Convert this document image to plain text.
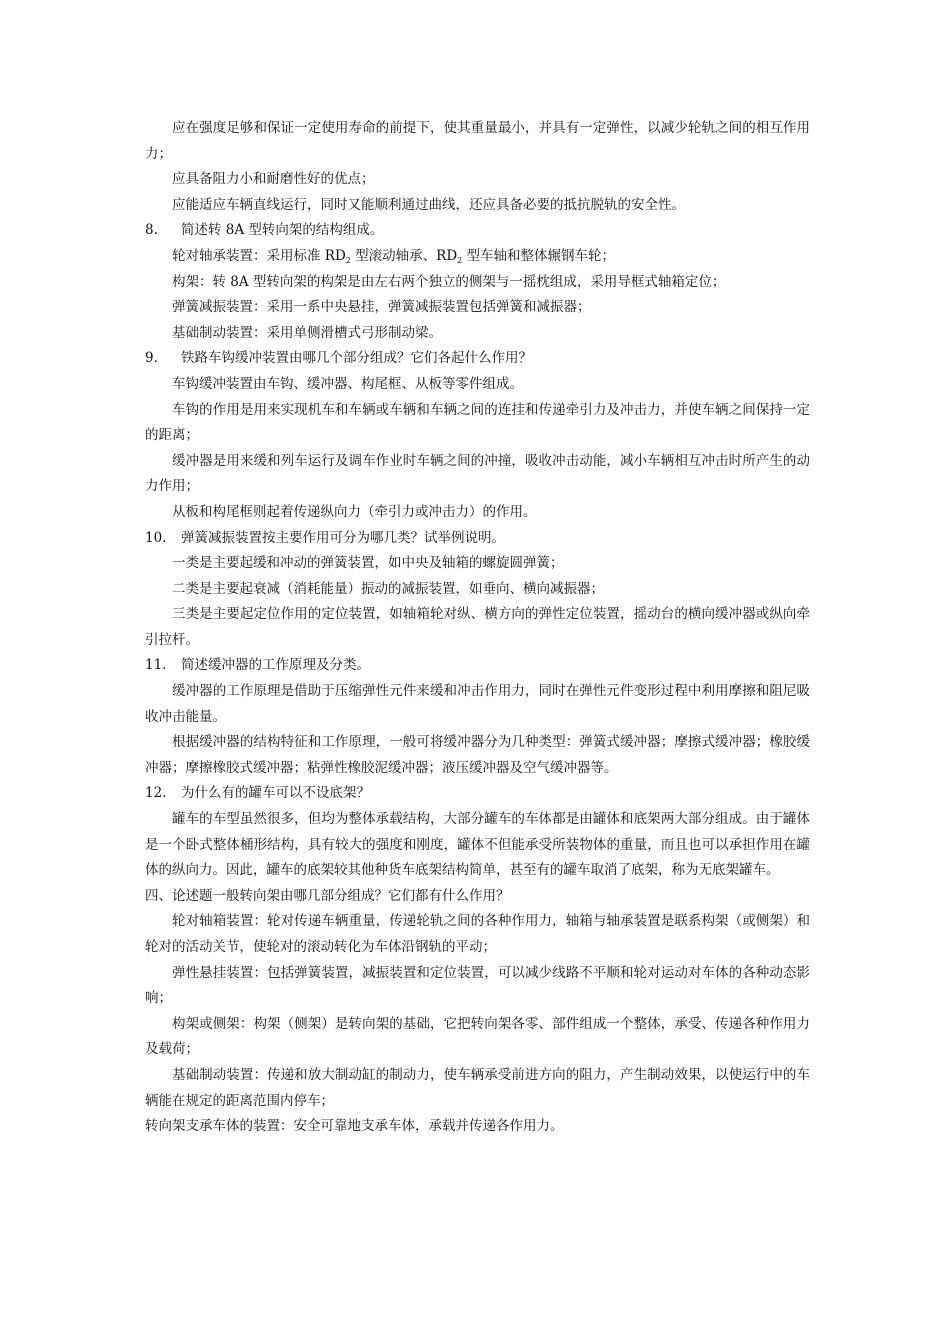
应在强度足够和保证一定使用寿命的前提下，使其重量最小，并具有一定弹性，以减少轮轨之间的相互作用力；

应具备阻力小和耐磨性好的优点；

应能适应车辆直线运行，同时又能顺利通过曲线，还应具备必要的抵抗脱轨的安全性。

8. 简述转 8A 型转向架的结构组成。

轮对轴承装置：采用标准 $RD_2$ 型滚动轴承、$RD_2$ 型车轴和整体辗钢车轮；

构架：转 8A 型转向架的构架是由左右两个独立的侧架与一摇枕组成，采用导框式轴箱定位；

弹簧减振装置：采用一系中央悬挂，弹簧减振装置包括弹簧和减振器；

基础制动装置：采用单侧滑槽式弓形制动梁。

9. 铁路车钩缓冲装置由哪几个部分组成？它们各起什么作用？

车钩缓冲装置由车钩、缓冲器、构尾框、从板等零件组成。

车钩的作用是用来实现机车和车辆或车辆和车辆之间的连挂和传递牵引力及冲击力，并使车辆之间保持一定的距离；

缓冲器是用来缓和列车运行及调车作业时车辆之间的冲撞，吸收冲击动能，减小车辆相互冲击时所产生的动力作用；

从板和构尾框则起着传递纵向力（牵引力或冲击力）的作用。

10. 弹簧减振装置按主要作用可分为哪几类？试举例说明。

一类是主要起缓和冲动的弹簧装置，如中央及轴箱的螺旋圆弹簧；

二类是主要起衰减（消耗能量）振动的减振装置，如垂向、横向减振器；

三类是主要起定位作用的定位装置，如轴箱轮对纵、横方向的弹性定位装置，摇动台的横向缓冲器或纵向牵引拉杆。

11. 简述缓冲器的工作原理及分类。

缓冲器的工作原理是借助于压缩弹性元件来缓和冲击作用力，同时在弹性元件变形过程中利用摩擦和阻尼吸收冲击能量。

根据缓冲器的结构特征和工作原理，一般可将缓冲器分为几种类型：弹簧式缓冲器；摩擦式缓冲器；橡胶缓冲器；摩擦橡胶式缓冲器；粘弹性橡胶泥缓冲器；液压缓冲器及空气缓冲器等。

12. 为什么有的罐车可以不设底架？

罐车的车型虽然很多，但均为整体承载结构，大部分罐车的车体都是由罐体和底架两大部分组成。由于罐体是一个卧式整体桶形结构，具有较大的强度和刚度，罐体不但能承受所装物体的重量，而且也可以承担作用在罐体的纵向力。因此，罐车的底架较其他种货车底架结构简单，甚至有的罐车取消了底架，称为无底架罐车。

四、论述题一般转向架由哪几部分组成？它们都有什么作用？

轮对轴箱装置：轮对传递车辆重量，传递轮轨之间的各种作用力，轴箱与轴承装置是联系构架（或侧架）和轮对的活动关节，使轮对的滚动转化为车体沿钢轨的平动；

弹性悬挂装置：包括弹簧装置，减振装置和定位装置，可以减少线路不平顺和轮对运动对车体的各种动态影响；

构架或侧架：构架（侧架）是转向架的基础，它把转向架各零、部件组成一个整体，承受、传递各种作用力及载荷；

基础制动装置：传递和放大制动缸的制动力，使车辆承受前进方向的阻力，产生制动效果，以使运行中的车辆能在规定的距离范围内停车；

转向架支承车体的装置：安全可靠地支承车体，承载并传递各作用力。
